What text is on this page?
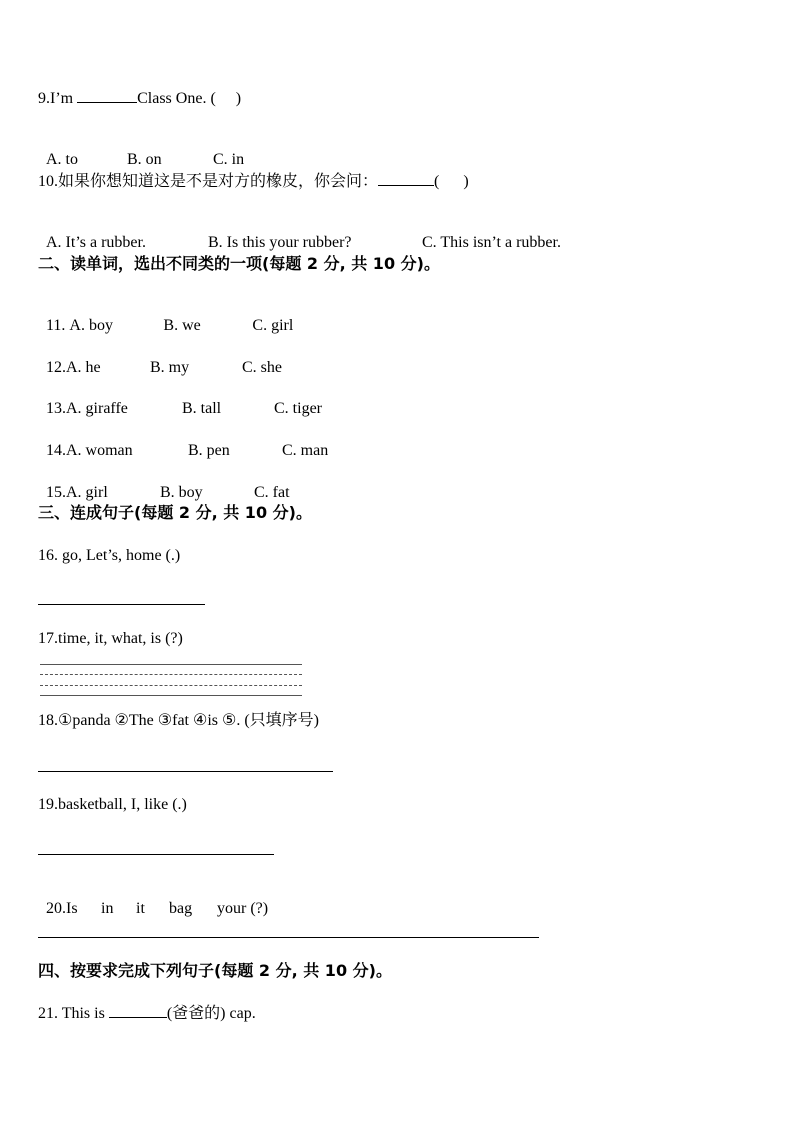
9.I’m	Class One. (     )

A. to	B. on	C. in

10.如果你想知道这是不是对方的橡皮，你会问：	(      )

A. It’s a rubber.	B. Is this your rubber?	C. This isn’t a rubber.

二、读单词，选出不同类的一项(每题 2 分, 共 10 分)。

11. A. boy	B. we	C. girl

12.A. he	B. my	C. she

13.A. giraffe	B. tall	C. tiger

14.A. woman	B. pen	C. man

15.A. girl	B. boy	C. fat

三、连成句子(每题 2 分, 共 10 分)。
16. go, Let’s, home (.)
17.time, it, what, is (?)
18.①panda ②The ③fat ④is ⑤. (只填序号)
19.basketball, I, like (.)

20.Is in it bag your (?)

四、按要求完成下列句子(每题 2 分, 共 10 分)。
21. This is	(爸爸的) cap.
